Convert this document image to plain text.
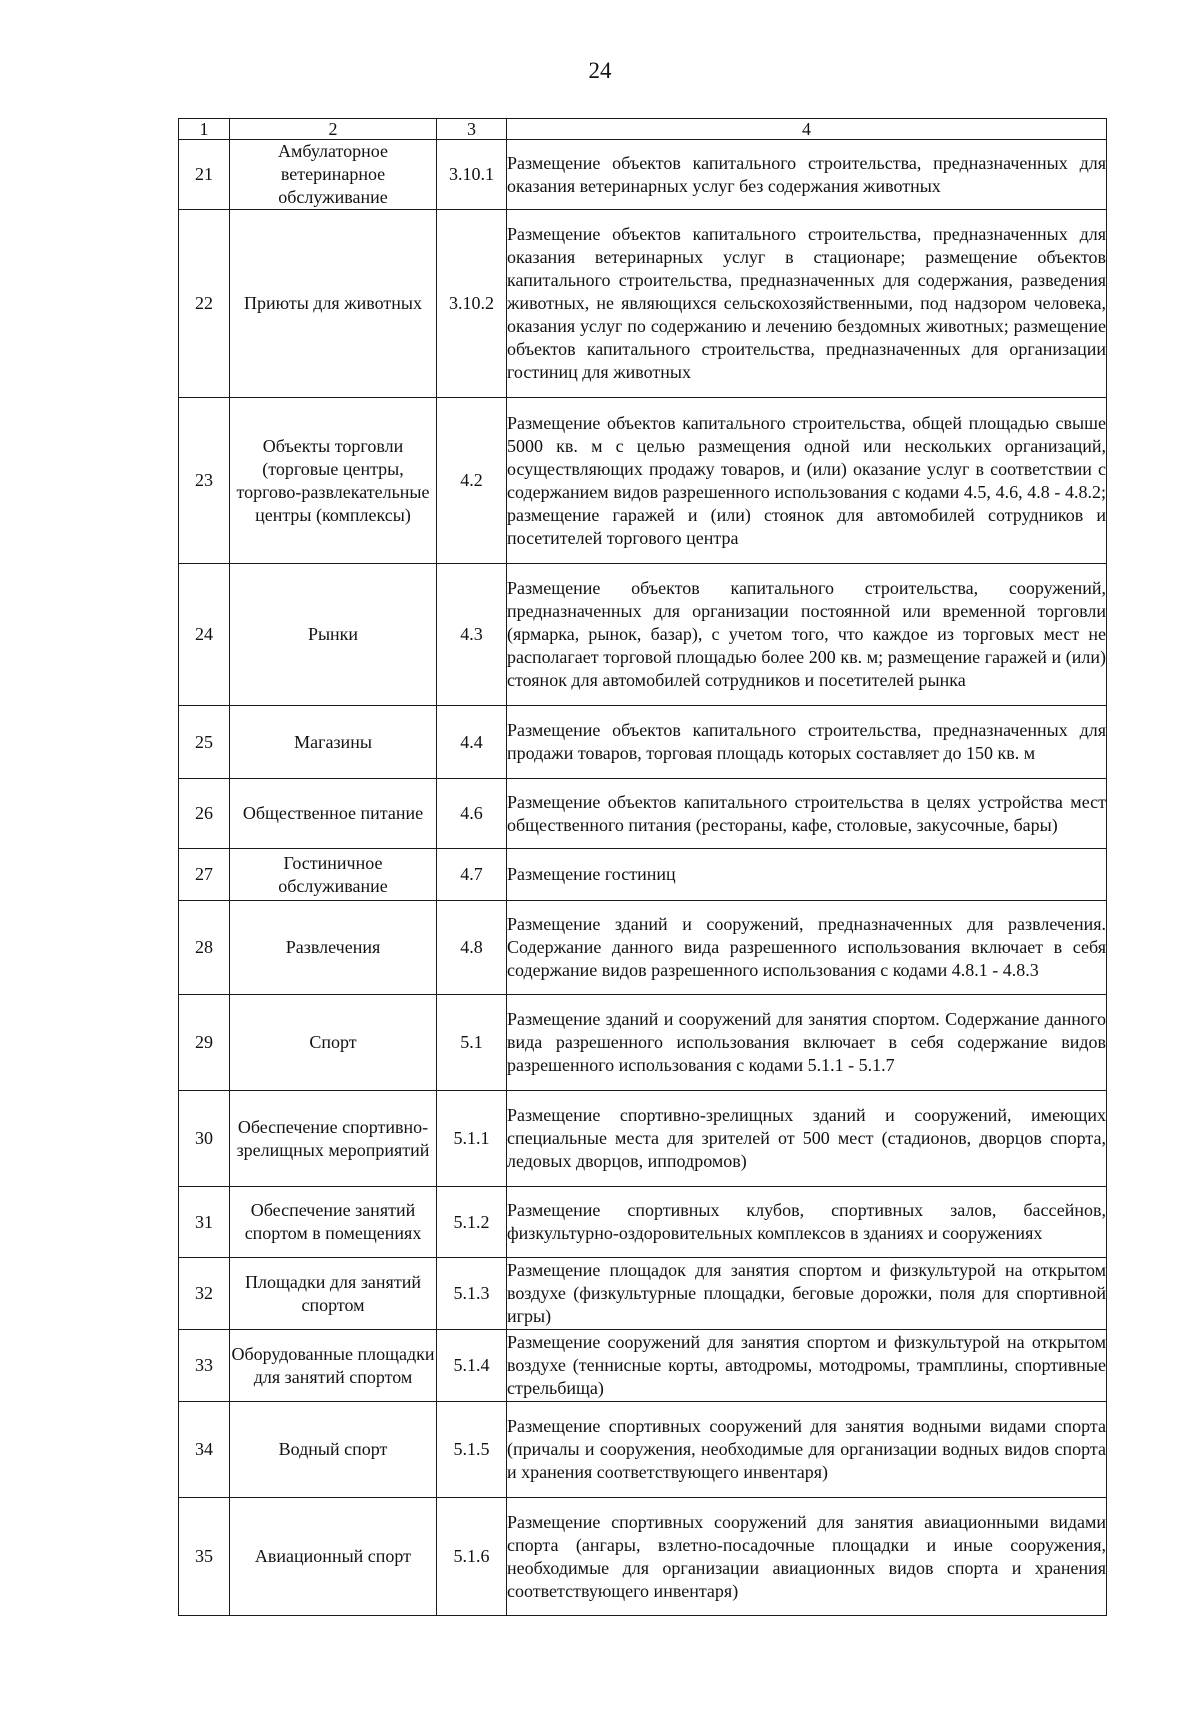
24
1	2	3	4
21	Амбулаторное ветеринарное обслуживание	3.10.1	Размещение объектов капитального строительства, предназначенных для оказания ветеринарных услуг без содержания животных
22	Приюты для животных	3.10.2	Размещение объектов капитального строительства, предназначенных для оказания ветеринарных услуг в стационаре; размещение объектов капитального строительства, предназначенных для содержания, разведения животных, не являющихся сельскохозяйственными, под надзором человека, оказания услуг по содержанию и лечению бездомных животных; размещение объектов капитального строительства, предназначенных для организации гостиниц для животных
23	Объекты торговли (торговые центры, торгово-развлекательные центры (комплексы)	4.2	Размещение объектов капитального строительства, общей площадью свыше 5000 кв. м с целью размещения одной или нескольких организаций, осуществляющих продажу товаров, и (или) оказание услуг в соответствии с содержанием видов разрешенного использования с кодами 4.5, 4.6, 4.8 - 4.8.2; размещение гаражей и (или) стоянок для автомобилей сотрудников и посетителей торгового центра
24	Рынки	4.3	Размещение объектов капитального строительства, сооружений, предназначенных для организации постоянной или временной торговли (ярмарка, рынок, базар), с учетом того, что каждое из торговых мест не располагает торговой площадью более 200 кв. м; размещение гаражей и (или) стоянок для автомобилей сотрудников и посетителей рынка
25	Магазины	4.4	Размещение объектов капитального строительства, предназначенных для продажи товаров, торговая площадь которых составляет до 150 кв. м
26	Общественное питание	4.6	Размещение объектов капитального строительства в целях устройства мест общественного питания (рестораны, кафе, столовые, закусочные, бары)
27	Гостиничное обслуживание	4.7	Размещение гостиниц
28	Развлечения	4.8	Размещение зданий и сооружений, предназначенных для развлечения. Содержание данного вида разрешенного использования включает в себя содержание видов разрешенного использования с кодами 4.8.1 - 4.8.3
29	Спорт	5.1	Размещение зданий и сооружений для занятия спортом. Содержание данного вида разрешенного использования включает в себя содержание видов разрешенного использования с кодами 5.1.1 - 5.1.7
30	Обеспечение спортивно-зрелищных мероприятий	5.1.1	Размещение спортивно-зрелищных зданий и сооружений, имеющих специальные места для зрителей от 500 мест (стадионов, дворцов спорта, ледовых дворцов, ипподромов)
31	Обеспечение занятий спортом в помещениях	5.1.2	Размещение спортивных клубов, спортивных залов, бассейнов, физкультурно-оздоровительных комплексов в зданиях и сооружениях
32	Площадки для занятий спортом	5.1.3	Размещение площадок для занятия спортом и физкультурой на открытом воздухе (физкультурные площадки, беговые дорожки, поля для спортивной игры)
33	Оборудованные площадки для занятий спортом	5.1.4	Размещение сооружений для занятия спортом и физкультурой на открытом воздухе (теннисные корты, автодромы, мотодромы, трамплины, спортивные стрельбища)
34	Водный спорт	5.1.5	Размещение спортивных сооружений для занятия водными видами спорта (причалы и сооружения, необходимые для организации водных видов спорта и хранения соответствующего инвентаря)
35	Авиационный спорт	5.1.6	Размещение спортивных сооружений для занятия авиационными видами спорта (ангары, взлетно-посадочные площадки и иные сооружения, необходимые для организации авиационных видов спорта и хранения соответствующего инвентаря)
